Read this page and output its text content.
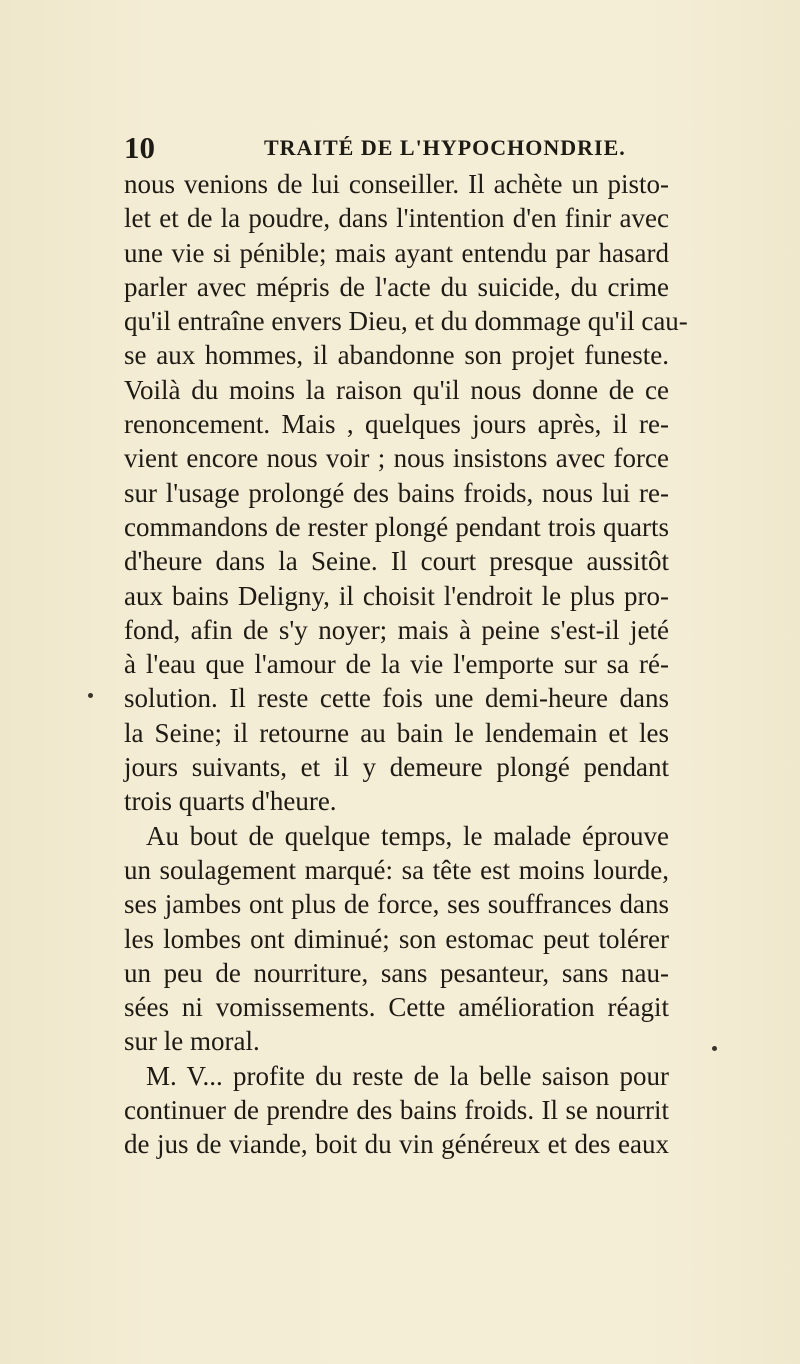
10	TRAITÉ DE L'HYPOCHONDRIE.
nous venions de lui conseiller. Il achète un pisto-
let et de la poudre, dans l'intention d'en finir avec
une vie si pénible; mais ayant entendu par hasard
parler avec mépris de l'acte du suicide, du crime
qu'il entraîne envers Dieu, et du dommage qu'il cau-
se aux hommes, il abandonne son projet funeste.
Voilà du moins la raison qu'il nous donne de ce
renoncement. Mais , quelques jours après, il re-
vient encore nous voir ; nous insistons avec force
sur l'usage prolongé des bains froids, nous lui re-
commandons de rester plongé pendant trois quarts
d'heure dans la Seine. Il court presque aussitôt
aux bains Deligny, il choisit l'endroit le plus pro-
fond, afin de s'y noyer; mais à peine s'est-il jeté
à l'eau que l'amour de la vie l'emporte sur sa ré-
solution. Il reste cette fois une demi-heure dans
la Seine; il retourne au bain le lendemain et les
jours suivants, et il y demeure plongé pendant
trois quarts d'heure.
Au bout de quelque temps, le malade éprouve
un soulagement marqué: sa tête est moins lourde,
ses jambes ont plus de force, ses souffrances dans
les lombes ont diminué; son estomac peut tolérer
un peu de nourriture, sans pesanteur, sans nau-
sées ni vomissements. Cette amélioration réagit
sur le moral.
M. V... profite du reste de la belle saison pour
continuer de prendre des bains froids. Il se nourrit
de jus de viande, boit du vin généreux et des eaux
